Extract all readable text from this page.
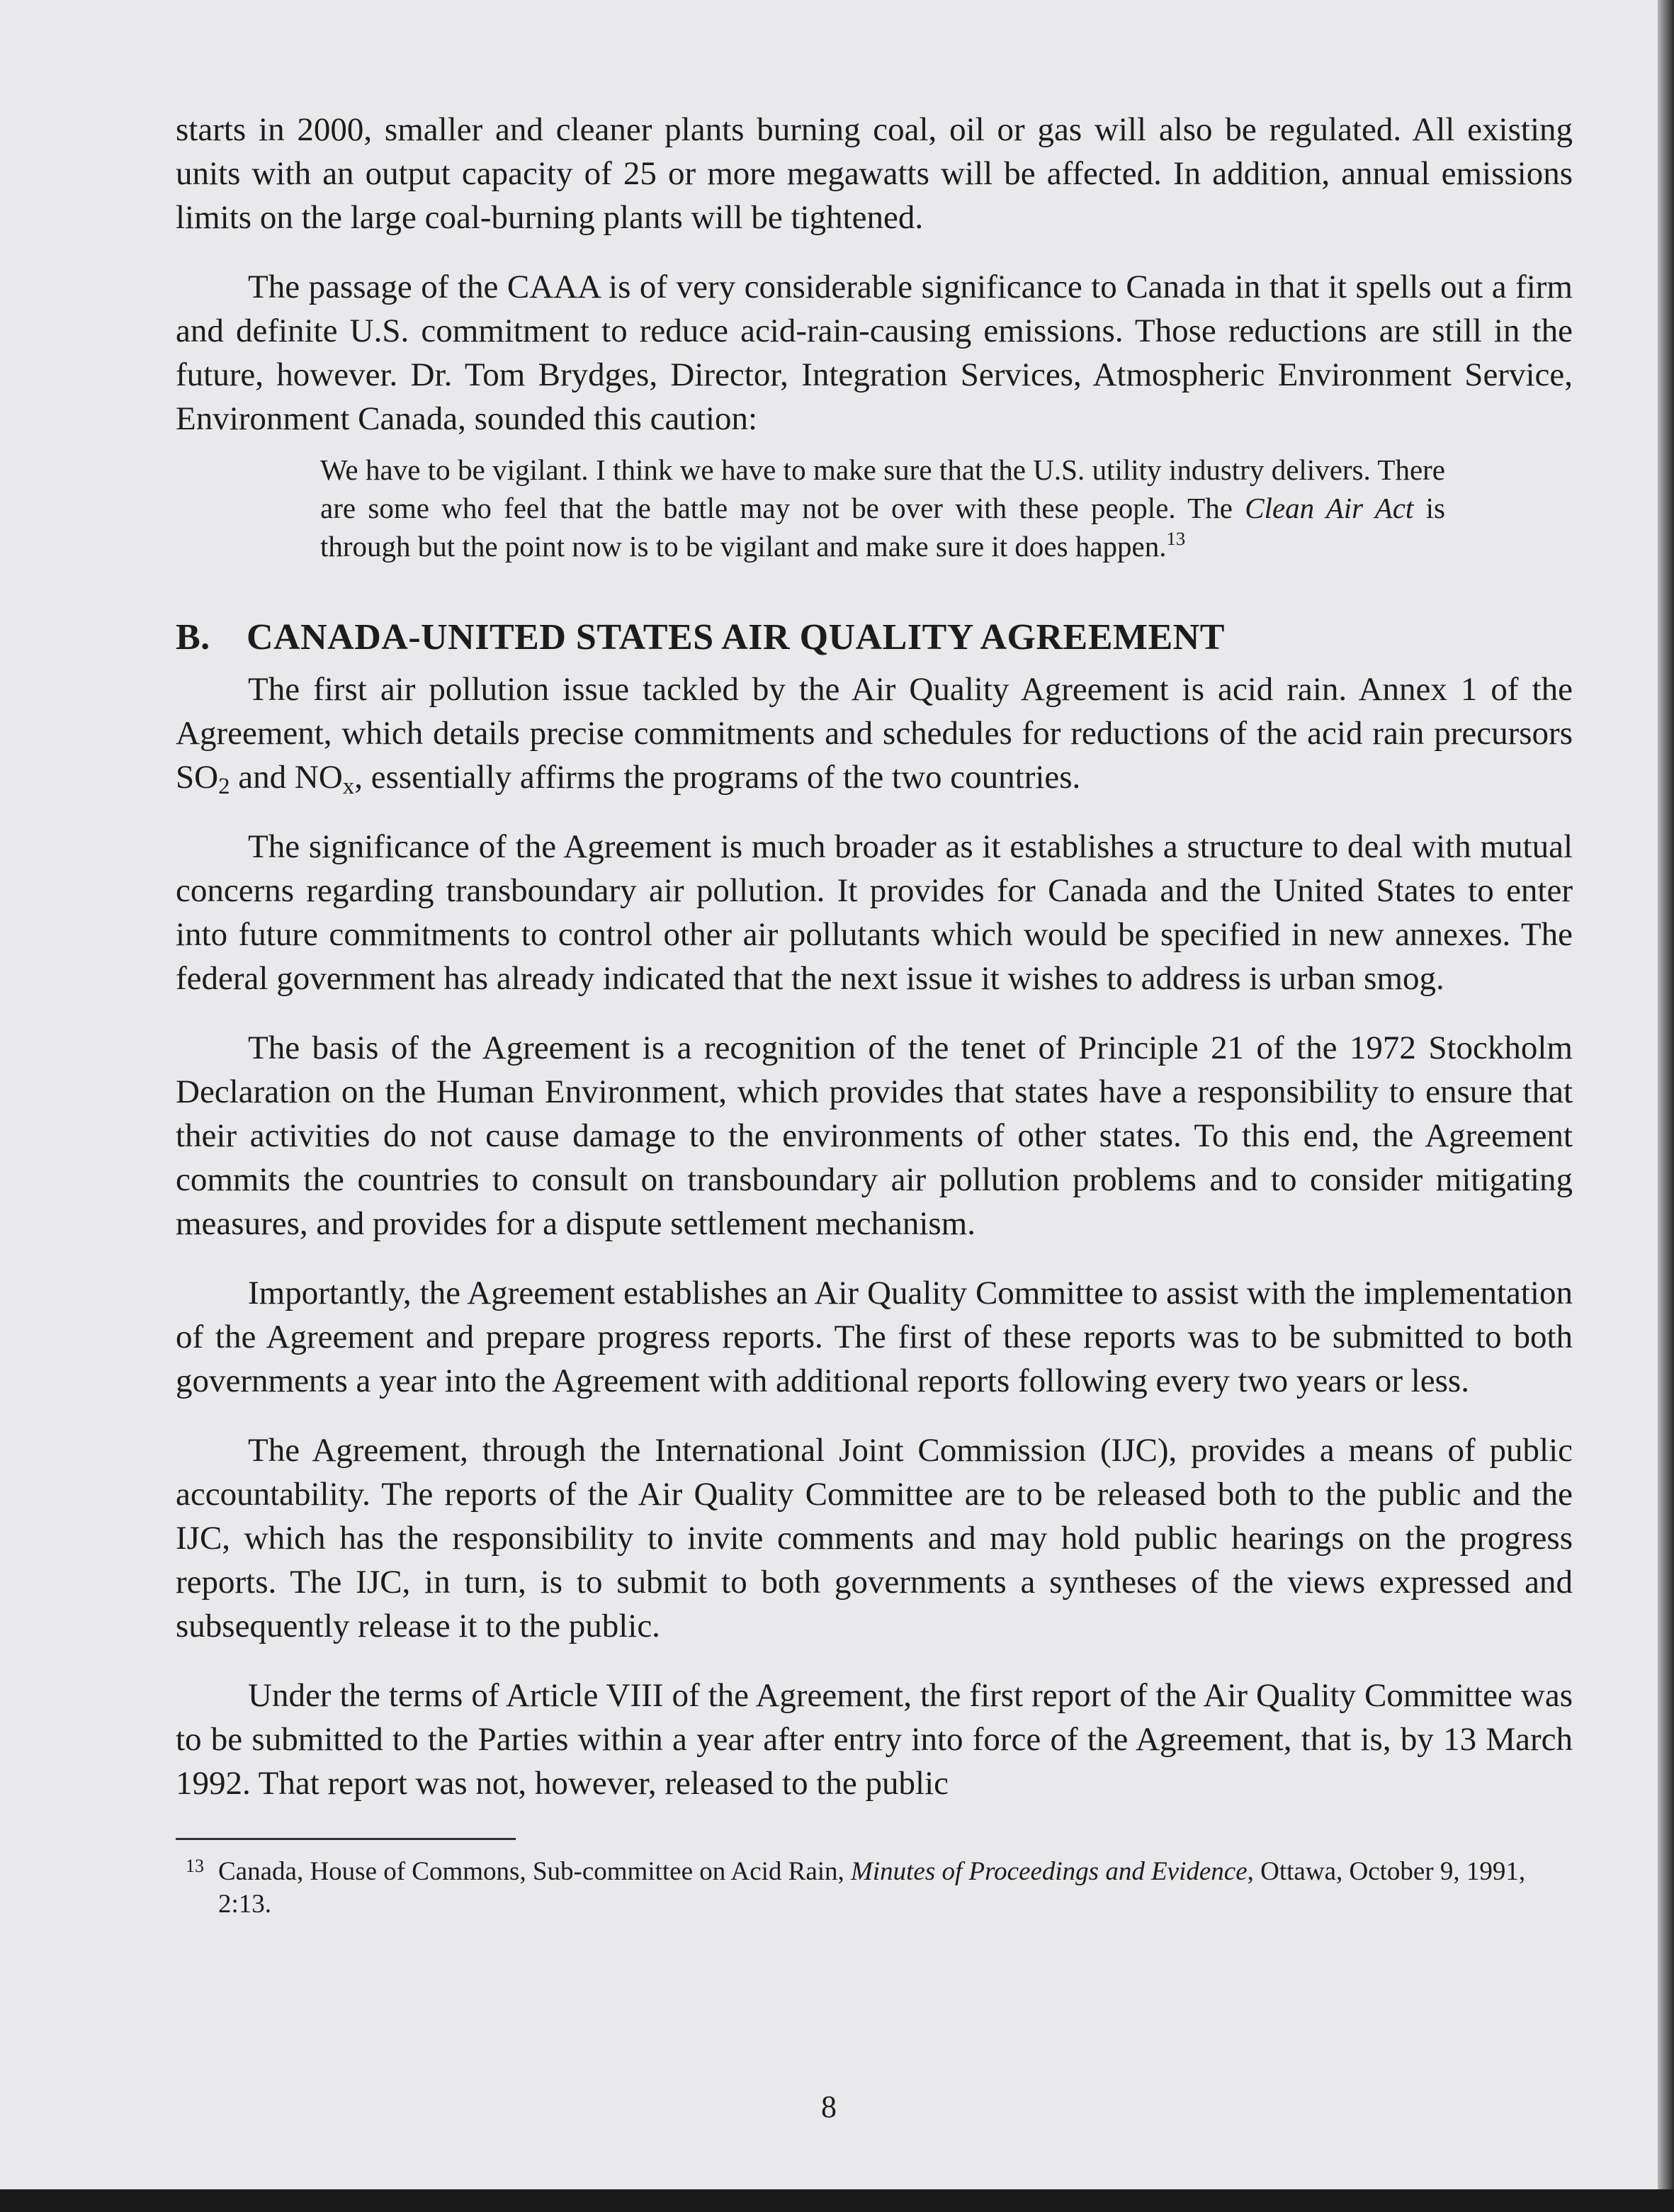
starts in 2000, smaller and cleaner plants burning coal, oil or gas will also be regulated. All existing units with an output capacity of 25 or more megawatts will be affected. In addition, annual emissions limits on the large coal-burning plants will be tightened.

The passage of the CAAA is of very considerable significance to Canada in that it spells out a firm and definite U.S. commitment to reduce acid-rain-causing emissions. Those reductions are still in the future, however. Dr. Tom Brydges, Director, Integration Services, Atmospheric Environment Service, Environment Canada, sounded this caution:

We have to be vigilant. I think we have to make sure that the U.S. utility industry delivers. There are some who feel that the battle may not be over with these people. The Clean Air Act is through but the point now is to be vigilant and make sure it does happen.$^{13}$
B. CANADA-UNITED STATES AIR QUALITY AGREEMENT

The first air pollution issue tackled by the Air Quality Agreement is acid rain. Annex 1 of the Agreement, which details precise commitments and schedules for reductions of the acid rain precursors $SO_2$ and $NO_x$, essentially affirms the programs of the two countries.

The significance of the Agreement is much broader as it establishes a structure to deal with mutual concerns regarding transboundary air pollution. It provides for Canada and the United States to enter into future commitments to control other air pollutants which would be specified in new annexes. The federal government has already indicated that the next issue it wishes to address is urban smog.

The basis of the Agreement is a recognition of the tenet of Principle 21 of the 1972 Stockholm Declaration on the Human Environment, which provides that states have a responsibility to ensure that their activities do not cause damage to the environments of other states. To this end, the Agreement commits the countries to consult on transboundary air pollution problems and to consider mitigating measures, and provides for a dispute settlement mechanism.

Importantly, the Agreement establishes an Air Quality Committee to assist with the implementation of the Agreement and prepare progress reports. The first of these reports was to be submitted to both governments a year into the Agreement with additional reports following every two years or less.

The Agreement, through the International Joint Commission (IJC), provides a means of public accountability. The reports of the Air Quality Committee are to be released both to the public and the IJC, which has the responsibility to invite comments and may hold public hearings on the progress reports. The IJC, in turn, is to submit to both governments a syntheses of the views expressed and subsequently release it to the public.

Under the terms of Article VIII of the Agreement, the first report of the Air Quality Committee was to be submitted to the Parties within a year after entry into force of the Agreement, that is, by 13 March 1992. That report was not, however, released to the public

13 Canada, House of Commons, Sub-committee on Acid Rain, Minutes of Proceedings and Evidence, Ottawa, October 9, 1991, 2:13.
8
